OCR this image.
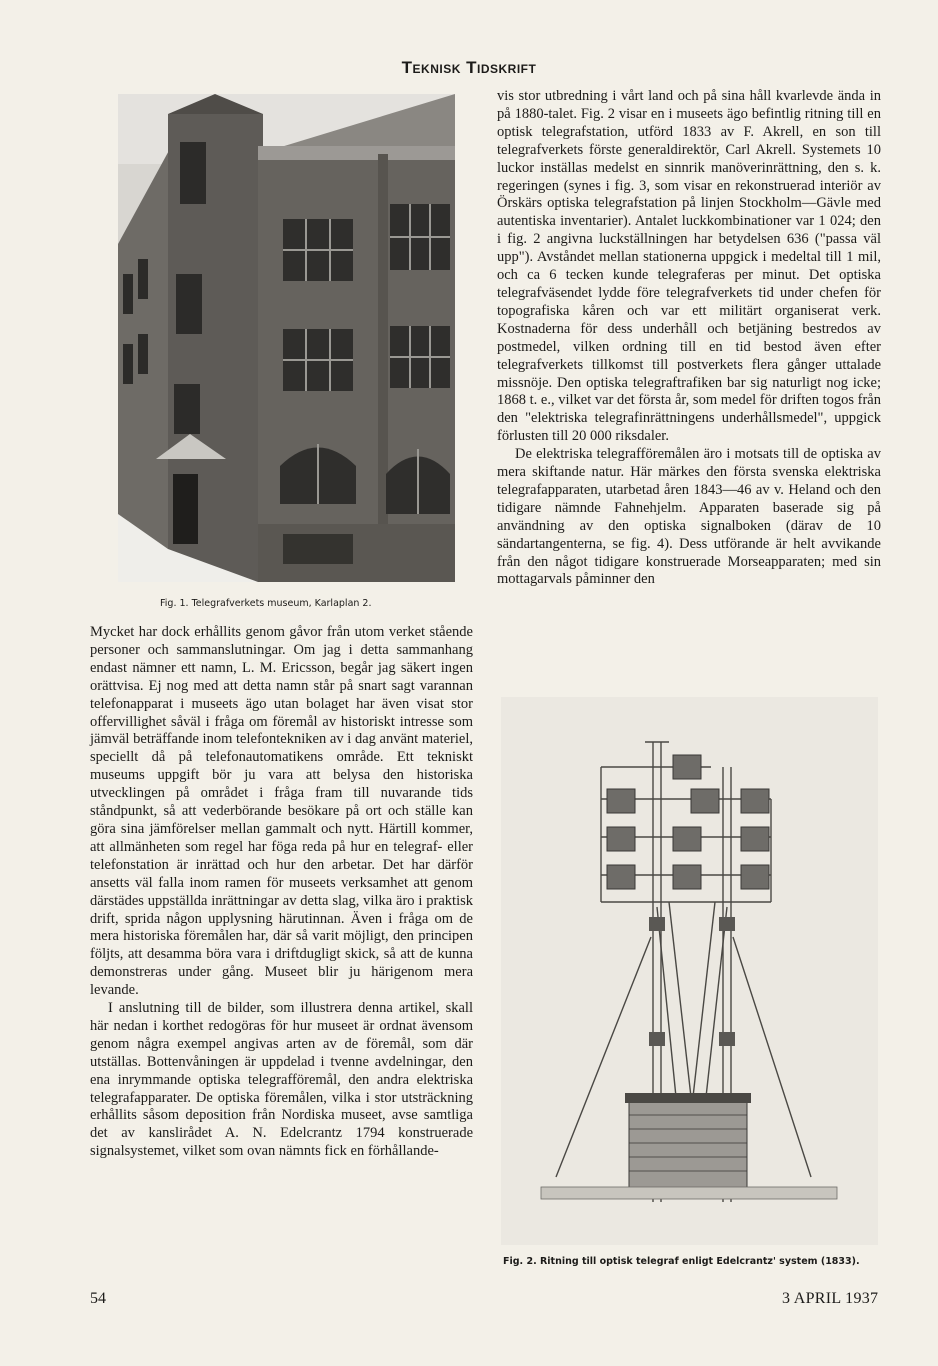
Teknisk Tidskrift
Fig. 1. Telegrafverkets museum, Karlaplan 2.

Mycket har dock erhållits genom gåvor från utom verket stående personer och sammanslutningar. Om jag i detta sammanhang endast nämner ett namn, L. M. Ericsson, begår jag säkert ingen orättvisa. Ej nog med att detta namn står på snart sagt varannan telefonapparat i museets ägo utan bolaget har även visat stor offervillighet såväl i fråga om föremål av historiskt intresse som jämväl beträffande inom telefontekniken av i dag använt materiel, speciellt då på telefonautomatikens område. Ett tekniskt museums uppgift bör ju vara att belysa den historiska utvecklingen på området i fråga fram till nuvarande tids ståndpunkt, så att vederbörande besökare på ort och ställe kan göra sina jämförelser mellan gammalt och nytt. Härtill kommer, att allmänheten som regel har föga reda på hur en telegraf- eller telefonstation är inrättad och hur den arbetar. Det har därför ansetts väl falla inom ramen för museets verksamhet att genom därstädes uppställda inrättningar av detta slag, vilka äro i praktisk drift, sprida någon upplysning härutinnan. Även i fråga om de mera historiska föremålen har, där så varit möjligt, den principen följts, att desamma böra vara i driftdugligt skick, så att de kunna demonstreras under gång. Museet blir ju härigenom mera levande.

I anslutning till de bilder, som illustrera denna artikel, skall här nedan i korthet redogöras för hur museet är ordnat ävensom genom några exempel angivas arten av de föremål, som där utställas. Bottenvåningen är uppdelad i tvenne avdelningar, den ena inrymmande optiska telegrafföremål, den andra elektriska telegrafapparater. De optiska föremålen, vilka i stor utsträckning erhållits såsom deposition från Nordiska museet, avse samtliga det av kanslirådet A. N. Edelcrantz 1794 konstruerade signalsystemet, vilket som ovan nämnts fick en förhållande-

vis stor utbredning i vårt land och på sina håll kvarlevde ända in på 1880-talet. Fig. 2 visar en i museets ägo befintlig ritning till en optisk telegrafstation, utförd 1833 av F. Akrell, en son till telegrafverkets förste generaldirektör, Carl Akrell. Systemets 10 luckor inställas medelst en sinnrik manöverinrättning, den s. k. regeringen (synes i fig. 3, som visar en rekonstruerad interiör av Örskärs optiska telegrafstation på linjen Stockholm—Gävle med autentiska inventarier). Antalet luckkombinationer var 1 024; den i fig. 2 angivna luckställningen har betydelsen 636 ("passa väl upp"). Avståndet mellan stationerna uppgick i medeltal till 1 mil, och ca 6 tecken kunde telegraferas per minut. Det optiska telegrafväsendet lydde före telegrafverkets tid under chefen för topografiska kåren och var ett militärt organiserat verk. Kostnaderna för dess underhåll och betjäning bestredos av postmedel, vilken ordning till en tid bestod även efter telegrafverkets tillkomst till postverkets flera gånger uttalade missnöje. Den optiska telegraftrafiken bar sig naturligt nog icke; 1868 t. e., vilket var det första år, som medel för driften togos från den "elektriska telegrafinrättningens underhållsmedel", uppgick förlusten till 20 000 riksdaler.

De elektriska telegrafföremålen äro i motsats till de optiska av mera skiftande natur. Här märkes den första svenska elektriska telegrafapparaten, utarbetad åren 1843—46 av v. Heland och den tidigare nämnde Fahnehjelm. Apparaten baserade sig på användning av den optiska signalboken (därav de 10 sändartangenterna, se fig. 4). Dess utförande är helt avvikande från den något tidigare konstruerade Morseapparaten; med sin mottagarvals påminner den

Fig. 2. Ritning till optisk telegraf enligt Edelcrantz' system (1833).
54	3 APRIL 1937
